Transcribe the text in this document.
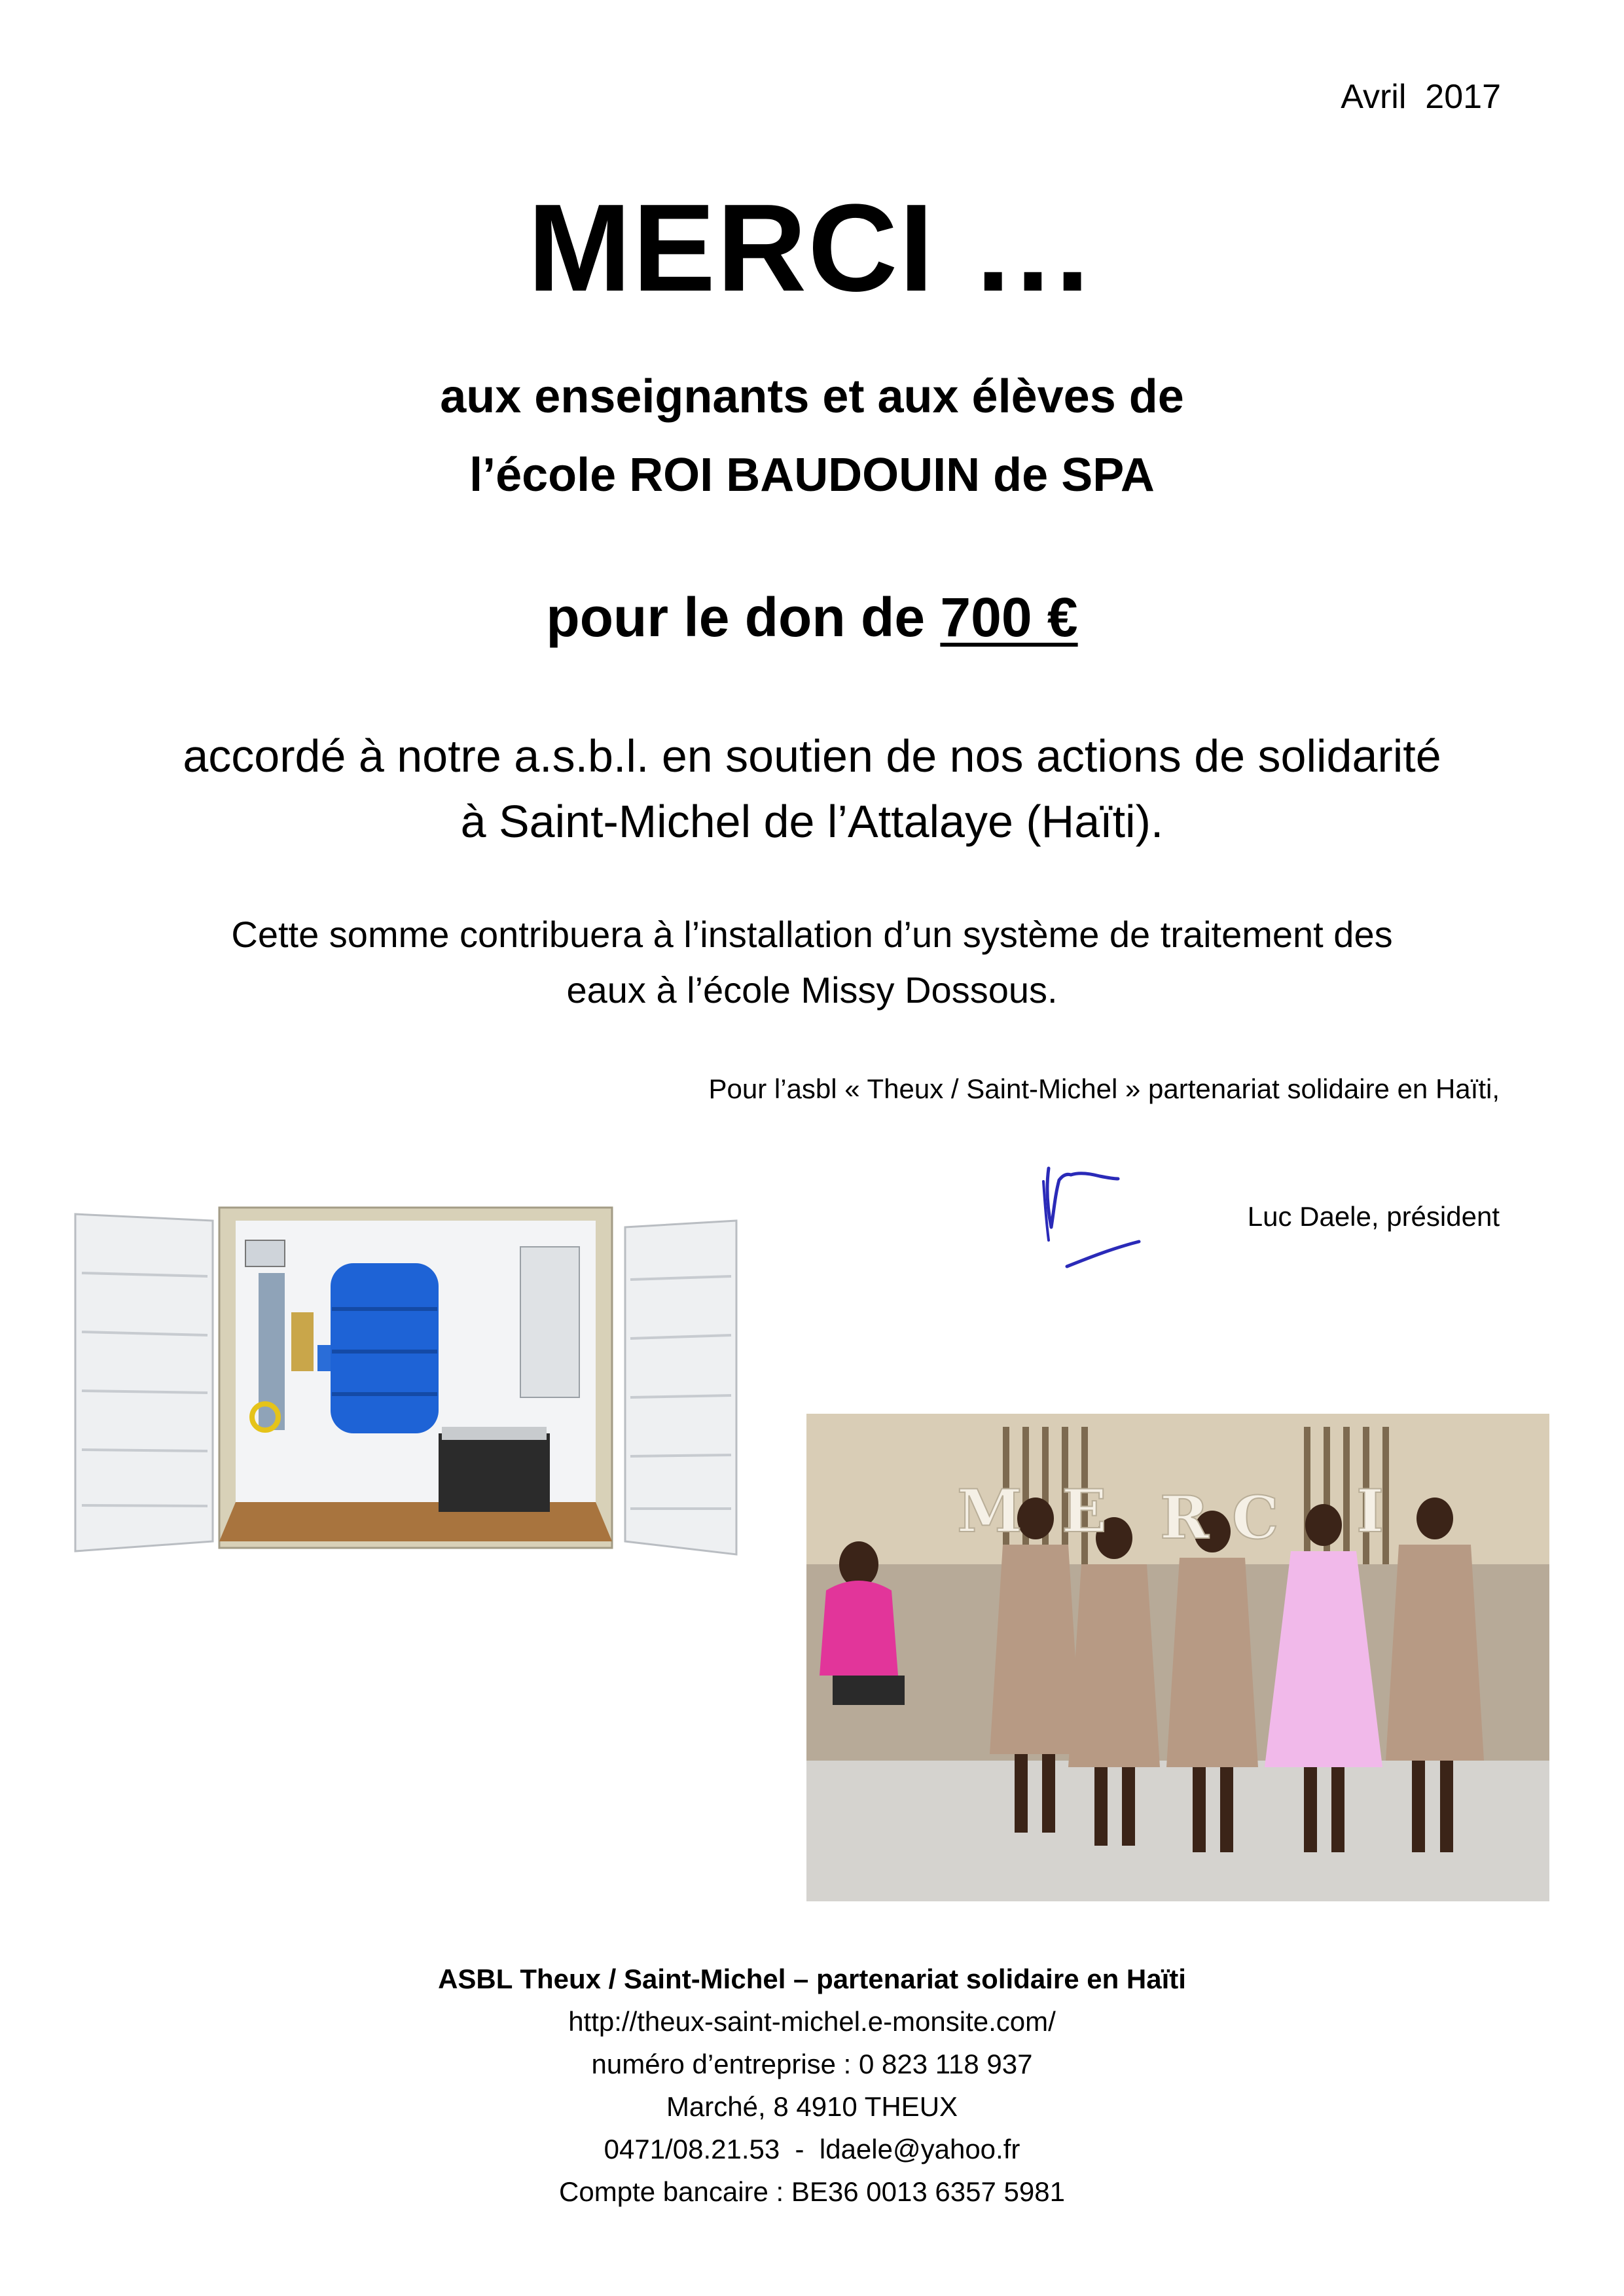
Avril  2017
MERCI …
aux enseignants et aux élèves de
l’école ROI BAUDOUIN de SPA
pour le don de 700 €
accordé à notre a.s.b.l. en soutien de nos actions de solidarité
à Saint-Michel de l’Attalaye (Haïti).
Cette somme contribuera à l’installation d’un système de traitement des
eaux à l’école Missy Dossous.
Pour l’asbl « Theux / Saint-Michel » partenariat solidaire en Haïti,
Luc Daele, président
M E R C I
ASBL Theux / Saint-Michel – partenariat solidaire en Haïti
http://theux-saint-michel.e-monsite.com/
numéro d’entreprise : 0 823 118 937
Marché, 8 4910 THEUX
0471/08.21.53  -  ldaele@yahoo.fr
Compte bancaire : BE36 0013 6357 5981
